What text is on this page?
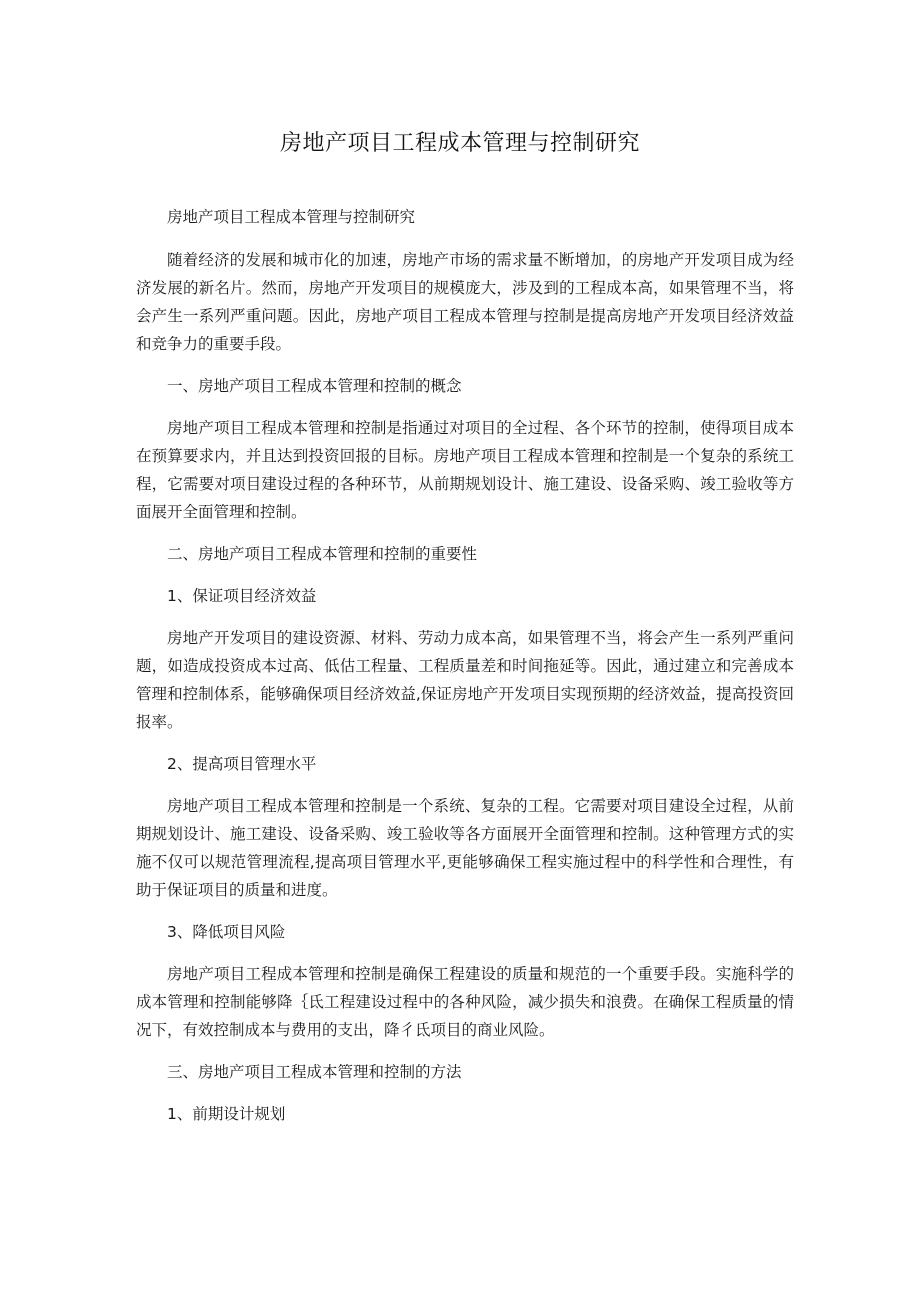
房地产项目工程成本管理与控制研究

房地产项目工程成本管理与控制研究

随着经济的发展和城市化的加速，房地产市场的需求量不断增加，的房地产开发项目成为经济发展的新名片。然而，房地产开发项目的规模庞大，涉及到的工程成本高，如果管理不当，将会产生一系列严重问题。因此，房地产项目工程成本管理与控制是提高房地产开发项目经济效益和竞争力的重要手段。

一、房地产项目工程成本管理和控制的概念

房地产项目工程成本管理和控制是指通过对项目的全过程、各个环节的控制，使得项目成本在预算要求内，并且达到投资回报的目标。房地产项目工程成本管理和控制是一个复杂的系统工程，它需要对项目建设过程的各种环节，从前期规划设计、施工建设、设备采购、竣工验收等方面展开全面管理和控制。

二、房地产项目工程成本管理和控制的重要性

1、保证项目经济效益

房地产开发项目的建设资源、材料、劳动力成本高，如果管理不当，将会产生一系列严重问题，如造成投资成本过高、低估工程量、工程质量差和时间拖延等。因此，通过建立和完善成本管理和控制体系，能够确保项目经济效益,保证房地产开发项目实现预期的经济效益，提高投资回报率。

2、提高项目管理水平

房地产项目工程成本管理和控制是一个系统、复杂的工程。它需要对项目建设全过程，从前期规划设计、施工建设、设备采购、竣工验收等各方面展开全面管理和控制。这种管理方式的实施不仅可以规范管理流程,提高项目管理水平,更能够确保工程实施过程中的科学性和合理性，有助于保证项目的质量和进度。

3、降低项目风险

房地产项目工程成本管理和控制是确保工程建设的质量和规范的一个重要手段。实施科学的成本管理和控制能够降｛氐工程建设过程中的各种风险，减少损失和浪费。在确保工程质量的情况下，有效控制成本与费用的支出，降彳氐项目的商业风险。

三、房地产项目工程成本管理和控制的方法

1、前期设计规划
